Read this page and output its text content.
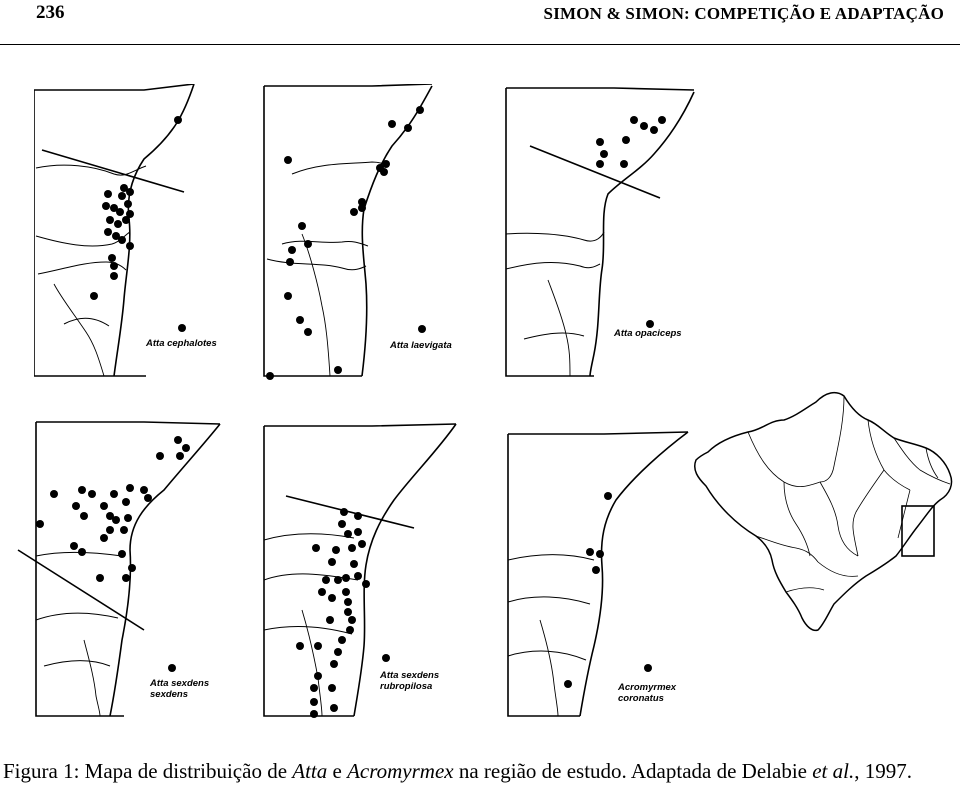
236	SIMON & SIMON: COMPETIÇÃO E ADAPTAÇÃO
Atta cephalotes	Atta laevigata
Atta opaciceps
Atta sexdens
sexdens
Atta sexdens
rubropilosa	Acromyrmex
coronatus

Figura 1: Mapa de distribuição de Atta e Acromyrmex na região de estudo. Adaptada de Delabie et al., 1997.
